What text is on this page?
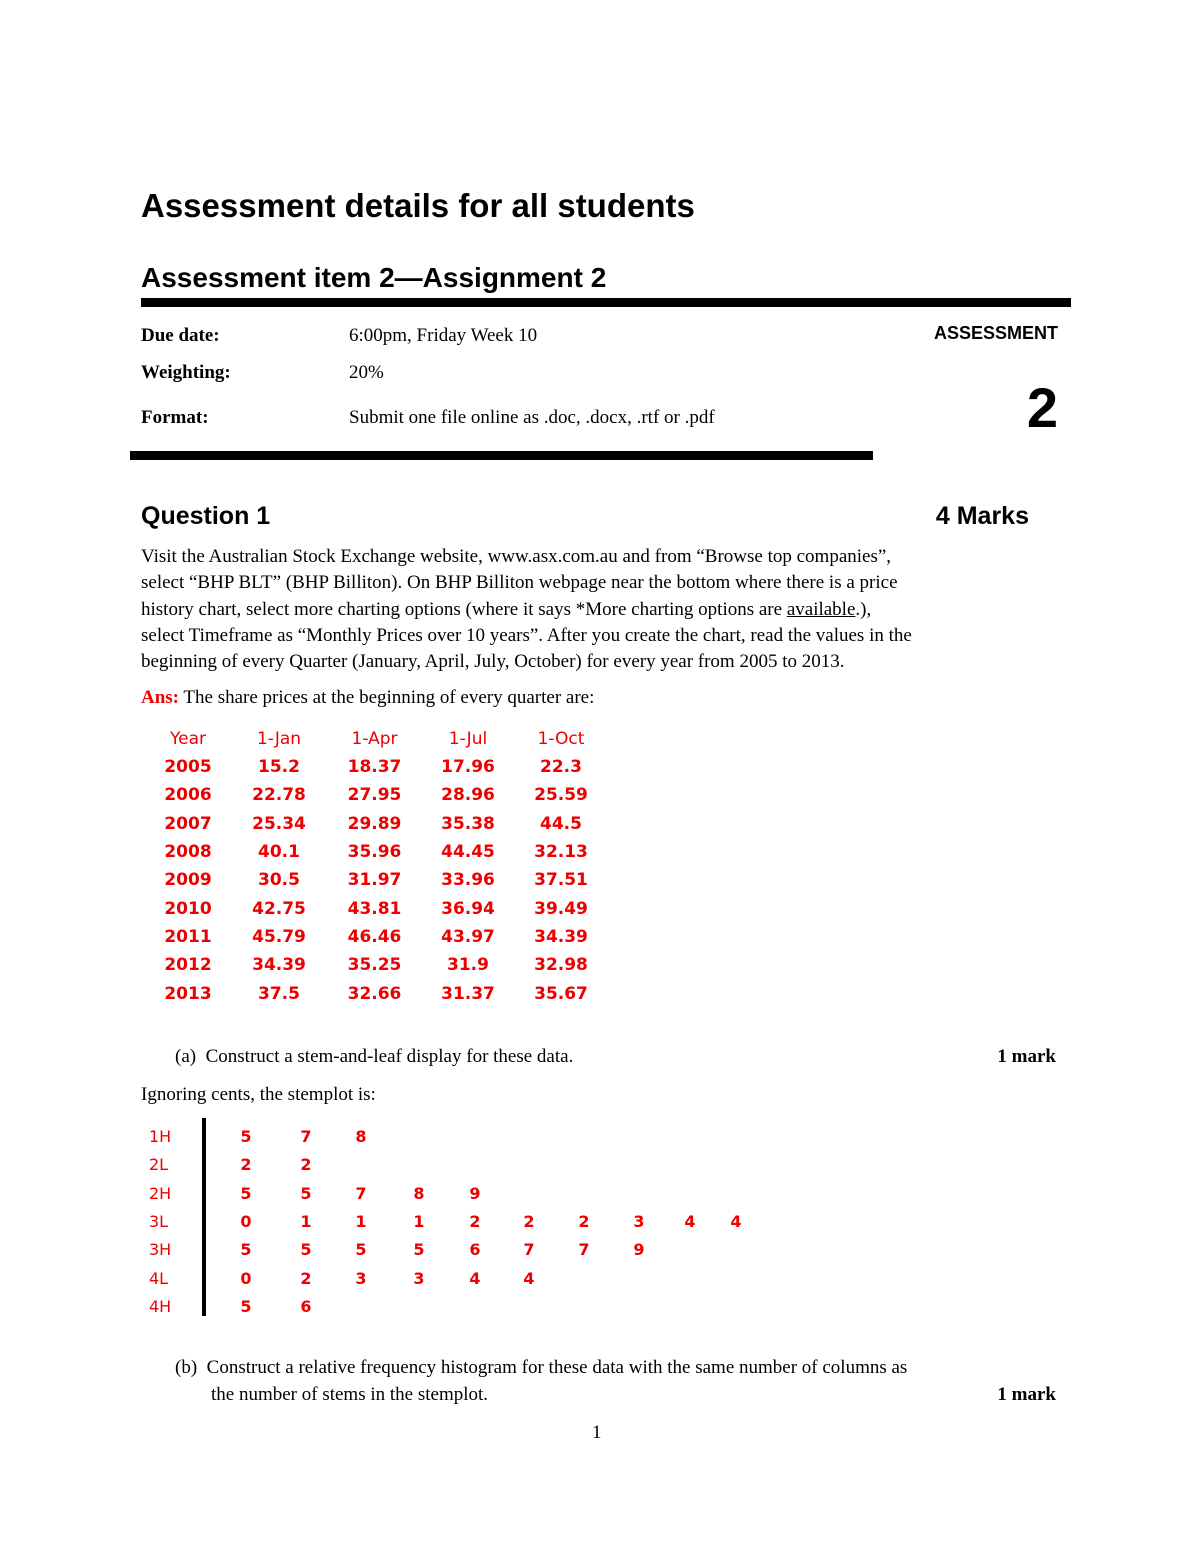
Assessment details for all students
Assessment item 2—Assignment 2
Due date:	6:00pm, Friday Week 10
Weighting:	20%
Format:	Submit one file online as .doc, .docx, .rtf or .pdf
ASSESSMENT
2
Question 1	4 Marks

Visit the Australian Stock Exchange website, www.asx.com.au and from “Browse top companies”,

select “BHP BLT” (BHP Billiton). On BHP Billiton webpage near the bottom where there is a price

history chart, select more charting options (where it says *More charting options are available.),

select Timeframe as “Monthly Prices over 10 years”. After you create the chart, read the values in the

beginning of every Quarter (January, April, July, October) for every year from 2005 to 2013.

Ans: The share prices at the beginning of every quarter are:
Year	1-Jan	1-Apr	1-Jul	1-Oct
2005	15.2	18.37	17.96	22.3
2006	22.78	27.95	28.96	25.59
2007	25.34	29.89	35.38	44.5
2008	40.1	35.96	44.45	32.13
2009	30.5	31.97	33.96	37.51
2010	42.75	43.81	36.94	39.49
2011	45.79	46.46	43.97	34.39
2012	34.39	35.25	31.9	32.98
2013	37.5	32.66	31.37	35.67
(a) Construct a stem-and-leaf display for these data.	1 mark
Ignoring cents, the stemplot is:
1H	5	7	8
2L	2	2
2H	5	5	7	8	9
3L	0	1	1	1	2	2	2	3 4 4
3H	5	5	5	5	6	7	7	9
4L	0	2	3	3	4	4
4H	5	6
(b) Construct a relative frequency histogram for these data with the same number of columns as
the number of stems in the stemplot.	1 mark
1
